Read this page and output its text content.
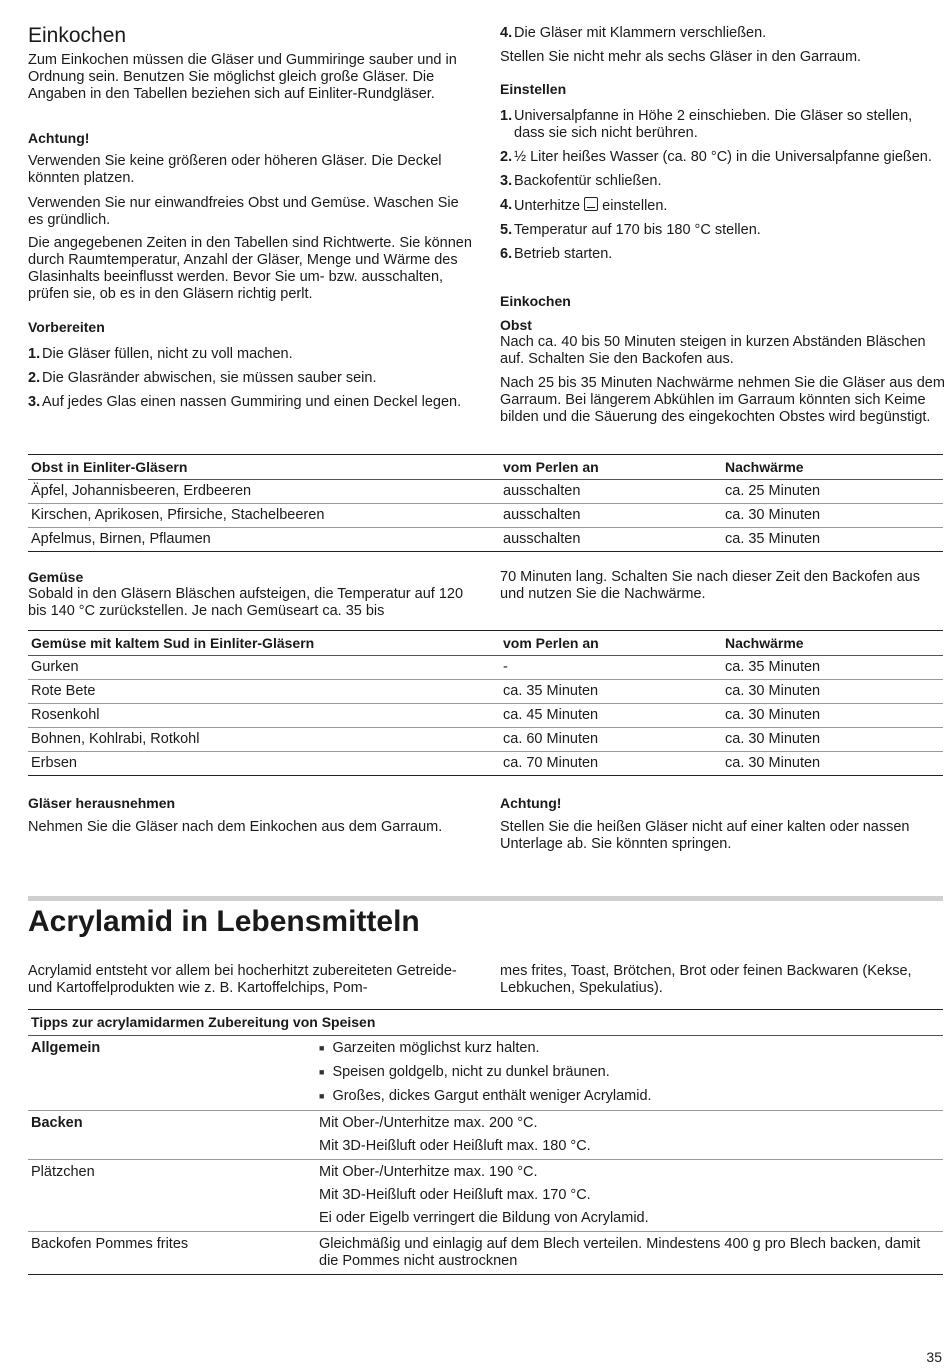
Einkochen

Zum Einkochen müssen die Gläser und Gummiringe sauber und in Ordnung sein. Benutzen Sie möglichst gleich große Gläser. Die Angaben in den Tabellen beziehen sich auf Einliter-Rundgläser.

Achtung!

Verwenden Sie keine größeren oder höheren Gläser. Die Deckel könnten platzen.

Verwenden Sie nur einwandfreies Obst und Gemüse. Waschen Sie es gründlich.

Die angegebenen Zeiten in den Tabellen sind Richtwerte. Sie können durch Raumtemperatur, Anzahl der Gläser, Menge und Wärme des Glasinhalts beeinflusst werden. Bevor Sie um- bzw. ausschalten, prüfen sie, ob es in den Gläsern richtig perlt.

Vorbereiten

1. Die Gläser füllen, nicht zu voll machen.
2. Die Glasränder abwischen, sie müssen sauber sein.
3. Auf jedes Glas einen nassen Gummiring und einen Deckel legen.
4. Die Gläser mit Klammern verschließen.

Stellen Sie nicht mehr als sechs Gläser in den Garraum.

Einstellen

1. Universalpfanne in Höhe 2 einschieben. Die Gläser so stellen, dass sie sich nicht berühren.
2. ½ Liter heißes Wasser (ca. 80 °C) in die Universalpfanne gießen.
3. Backofentür schließen.
4. Unterhitze einstellen.
5. Temperatur auf 170 bis 180 °C stellen.
6. Betrieb starten.

Einkochen

Obst

Nach ca. 40 bis 50 Minuten steigen in kurzen Abständen Bläschen auf. Schalten Sie den Backofen aus.

Nach 25 bis 35 Minuten Nachwärme nehmen Sie die Gläser aus dem Garraum. Bei längerem Abkühlen im Garraum könnten sich Keime bilden und die Säuerung des eingekochten Obstes wird begünstigt.

Obst in Einliter-Gläsern	vom Perlen an	Nachwärme
Äpfel, Johannisbeeren, Erdbeeren	ausschalten	ca. 25 Minuten
Kirschen, Aprikosen, Pfirsiche, Stachelbeeren	ausschalten	ca. 30 Minuten
Apfelmus, Birnen, Pflaumen	ausschalten	ca. 35 Minuten

Gemüse

Sobald in den Gläsern Bläschen aufsteigen, die Temperatur auf 120 bis 140 °C zurückstellen. Je nach Gemüseart ca. 35 bis

70 Minuten lang. Schalten Sie nach dieser Zeit den Backofen aus und nutzen Sie die Nachwärme.

Gemüse mit kaltem Sud in Einliter-Gläsern	vom Perlen an	Nachwärme
Gurken	-	ca. 35 Minuten
Rote Bete	ca. 35 Minuten	ca. 30 Minuten
Rosenkohl	ca. 45 Minuten	ca. 30 Minuten
Bohnen, Kohlrabi, Rotkohl	ca. 60 Minuten	ca. 30 Minuten
Erbsen	ca. 70 Minuten	ca. 30 Minuten

Gläser herausnehmen

Nehmen Sie die Gläser nach dem Einkochen aus dem Garraum.

Achtung!

Stellen Sie die heißen Gläser nicht auf einer kalten oder nassen Unterlage ab. Sie könnten springen.

Acrylamid in Lebensmitteln

Acrylamid entsteht vor allem bei hocherhitzt zubereiteten Getreide- und Kartoffelprodukten wie z. B. Kartoffelchips, Pom-

mes frites, Toast, Brötchen, Brot oder feinen Backwaren (Kekse, Lebkuchen, Spekulatius).

Tipps zur acrylamidarmen Zubereitung von Speisen	
Allgemein	■ Garzeiten möglichst kurz halten.
■ Speisen goldgelb, nicht zu dunkel bräunen.
■ Großes, dickes Gargut enthält weniger Acrylamid.

Backen	Mit Ober-/Unterhitze max. 200 °C.
Mit 3D-Heißluft oder Heißluft max. 180 °C.

Plätzchen	Mit Ober-/Unterhitze max. 190 °C.
Mit 3D-Heißluft oder Heißluft max. 170 °C.
Ei oder Eigelb verringert die Bildung von Acrylamid.

Backofen Pommes frites	Gleichmäßig und einlagig auf dem Blech verteilen. Mindestens 400 g pro Blech backen, damit die Pommes nicht austrocknen
35
